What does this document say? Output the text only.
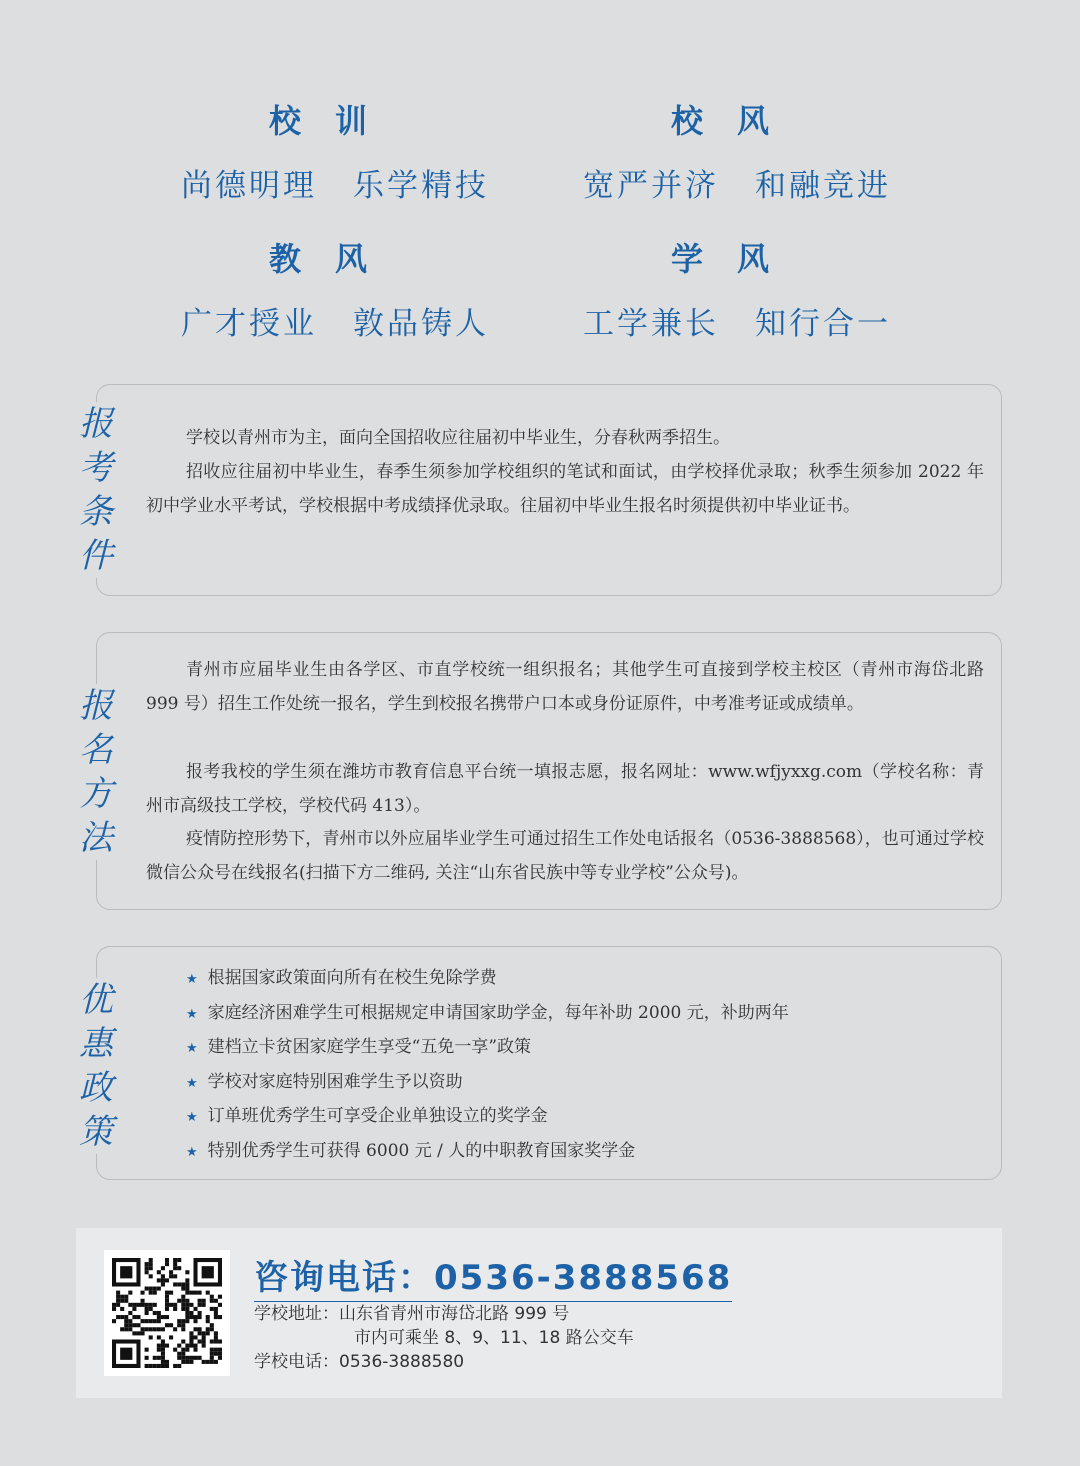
校训
尚德明理 乐学精技
校风
宽严并济 和融竞进
教风
广才授业 敦品铸人
学风
工学兼长 知行合一
报考条件
学校以青州市为主，面向全国招收应往届初中毕业生，分春秋两季招生。
招收应往届初中毕业生，春季生须参加学校组织的笔试和面试，由学校择优录取；秋季生须参加 2022 年初中学业水平考试，学校根据中考成绩择优录取。往届初中毕业生报名时须提供初中毕业证书。
报名方法
青州市应届毕业生由各学区、市直学校统一组织报名；其他学生可直接到学校主校区（青州市海岱北路 999 号）招生工作处统一报名，学生到校报名携带户口本或身份证原件，中考准考证或成绩单。
报考我校的学生须在潍坊市教育信息平台统一填报志愿，报名网址：www.wfjyxxg.com（学校名称：青州市高级技工学校，学校代码 413）。
疫情防控形势下，青州市以外应届毕业学生可通过招生工作处电话报名（0536-3888568），也可通过学校微信公众号在线报名(扫描下方二维码, 关注“山东省民族中等专业学校”公众号)。
优惠政策
★ 根据国家政策面向所有在校生免除学费
★ 家庭经济困难学生可根据规定申请国家助学金，每年补助 2000 元，补助两年
★ 建档立卡贫困家庭学生享受“五免一享”政策
★ 学校对家庭特别困难学生予以资助
★ 订单班优秀学生可享受企业单独设立的奖学金
★ 特别优秀学生可获得 6000 元 / 人的中职教育国家奖学金
咨询电话：0536-3888568
学校地址：山东省青州市海岱北路 999 号
市内可乘坐 8、9、11、18 路公交车
学校电话：0536-3888580
